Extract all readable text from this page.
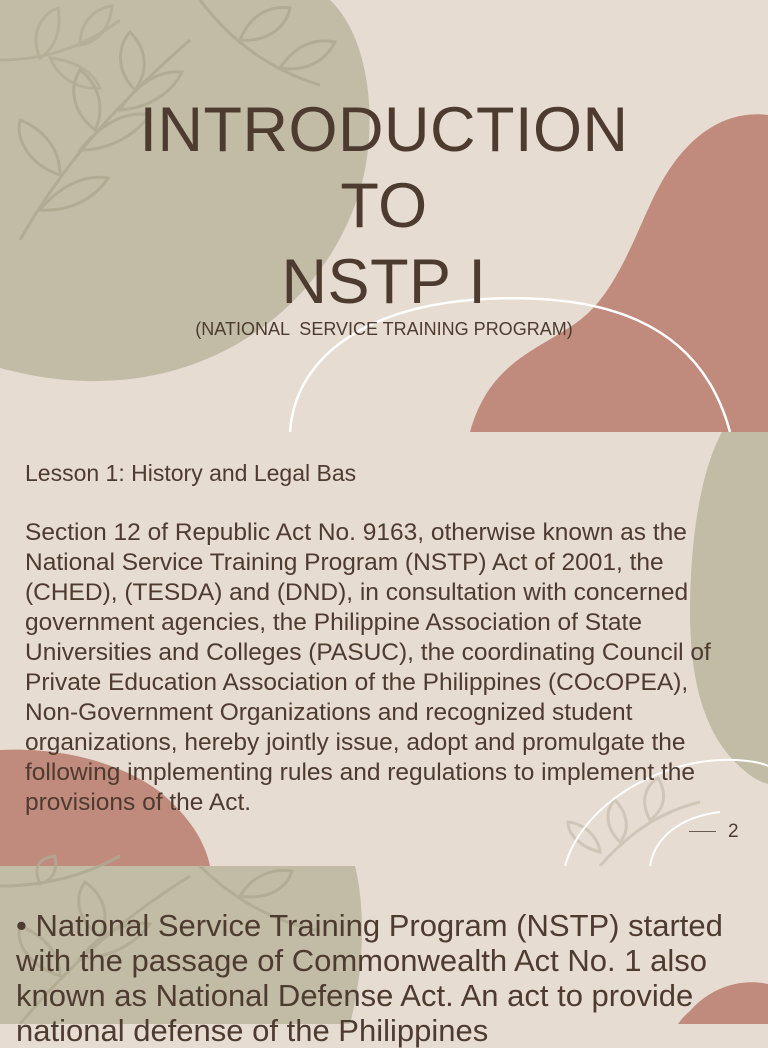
INTRODUCTION
TO
NSTP I
(NATIONAL  SERVICE TRAINING PROGRAM)
Lesson 1: History and Legal Bas
Section 12 of Republic Act No. 9163, otherwise known as the National Service Training Program (NSTP) Act of 2001, the (CHED), (TESDA) and (DND), in consultation with concerned government agencies, the Philippine Association of State Universities and Colleges (PASUC), the coordinating Council of Private Education Association of the Philippines (COcOPEA), Non-Government Organizations and recognized student organizations, hereby jointly issue, adopt and promulgate the following implementing rules and regulations to implement the provisions of the Act.
2
• National Service Training Program (NSTP) started with the passage of Commonwealth Act No. 1 also known as National Defense Act. An act to provide national defense of the Philippines
